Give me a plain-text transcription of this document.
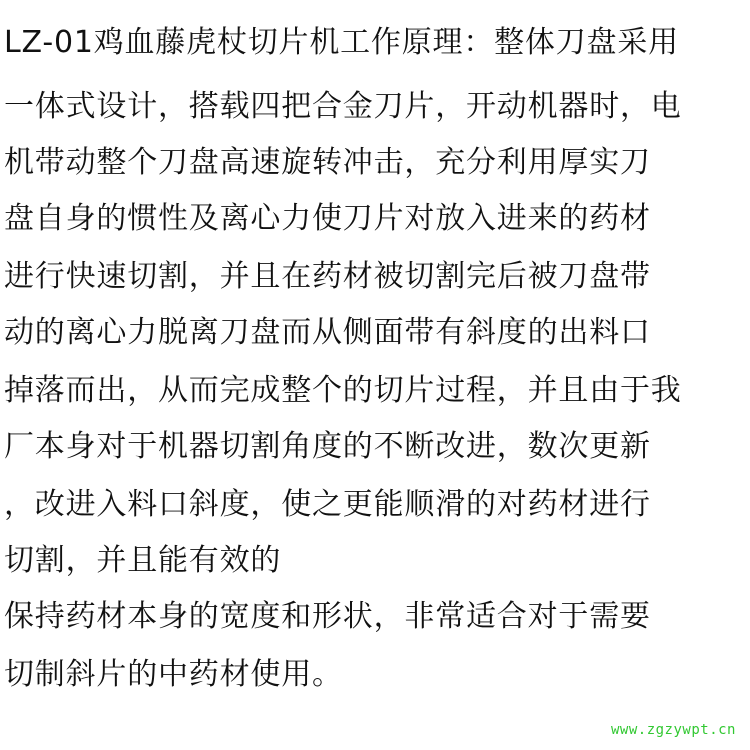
LZ-01鸡血藤虎杖切片机工作原理：整体刀盘采用
一体式设计，搭载四把合金刀片，开动机器时，电
机带动整个刀盘高速旋转冲击，充分利用厚实刀
盘自身的惯性及离心力使刀片对放入进来的药材
进行快速切割，并且在药材被切割完后被刀盘带
动的离心力脱离刀盘而从侧面带有斜度的出料口
掉落而出，从而完成整个的切片过程，并且由于我
厂本身对于机器切割角度的不断改进，数次更新
，改进入料口斜度，使之更能顺滑的对药材进行
切割，并且能有效的
保持药材本身的宽度和形状，非常适合对于需要
切制斜片的中药材使用。
www.zgzywpt.cn
